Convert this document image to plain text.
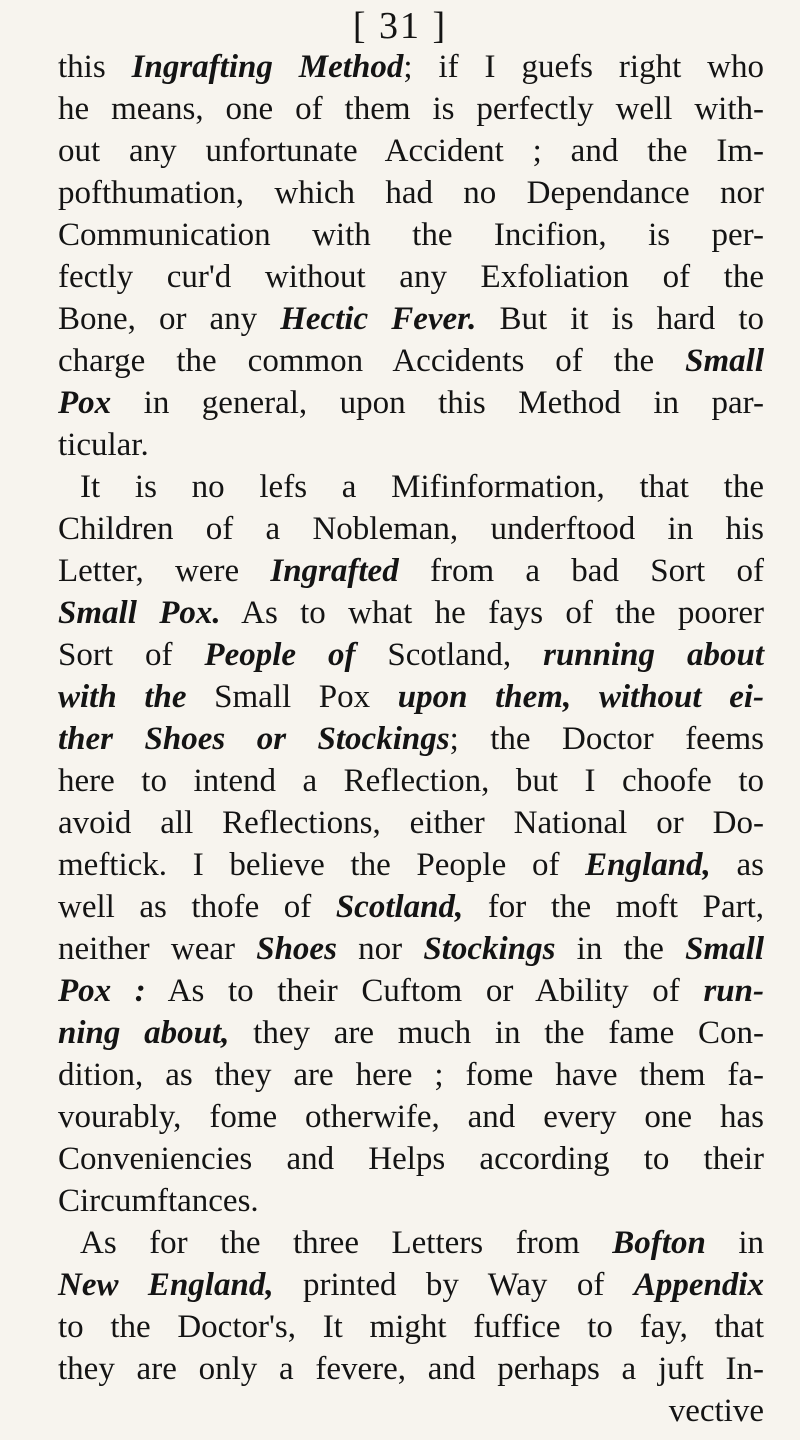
[ 31 ]
this Ingrafting Method; if I guefs right who
he means, one of them is perfectly well with-
out any unfortunate Accident ; and the Im-
pofthumation, which had no Dependance nor
Communication with the Incifion, is per-
fectly cur'd without any Exfoliation of the
Bone, or any Hectic Fever. But it is hard to
charge the common Accidents of the Small
Pox in general, upon this Method in par-
ticular.
It is no lefs a Mifinformation, that the
Children of a Nobleman, underftood in his
Letter, were Ingrafted from a bad Sort of
Small Pox. As to what he fays of the poorer
Sort of People of Scotland, running about
with the Small Pox upon them, without ei-
ther Shoes or Stockings; the Doctor feems
here to intend a Reflection, but I choofe to
avoid all Reflections, either National or Do-
meftick. I believe the People of England, as
well as thofe of Scotland, for the moft Part,
neither wear Shoes nor Stockings in the Small
Pox : As to their Cuftom or Ability of run-
ning about, they are much in the fame Con-
dition, as they are here ; fome have them fa-
vourably, fome otherwife, and every one has
Conveniencies and Helps according to their
Circumftances.
As for the three Letters from Bofton in
New England, printed by Way of Appendix
to the Doctor's, It might fuffice to fay, that
they are only a fevere, and perhaps a juft In-
vective
